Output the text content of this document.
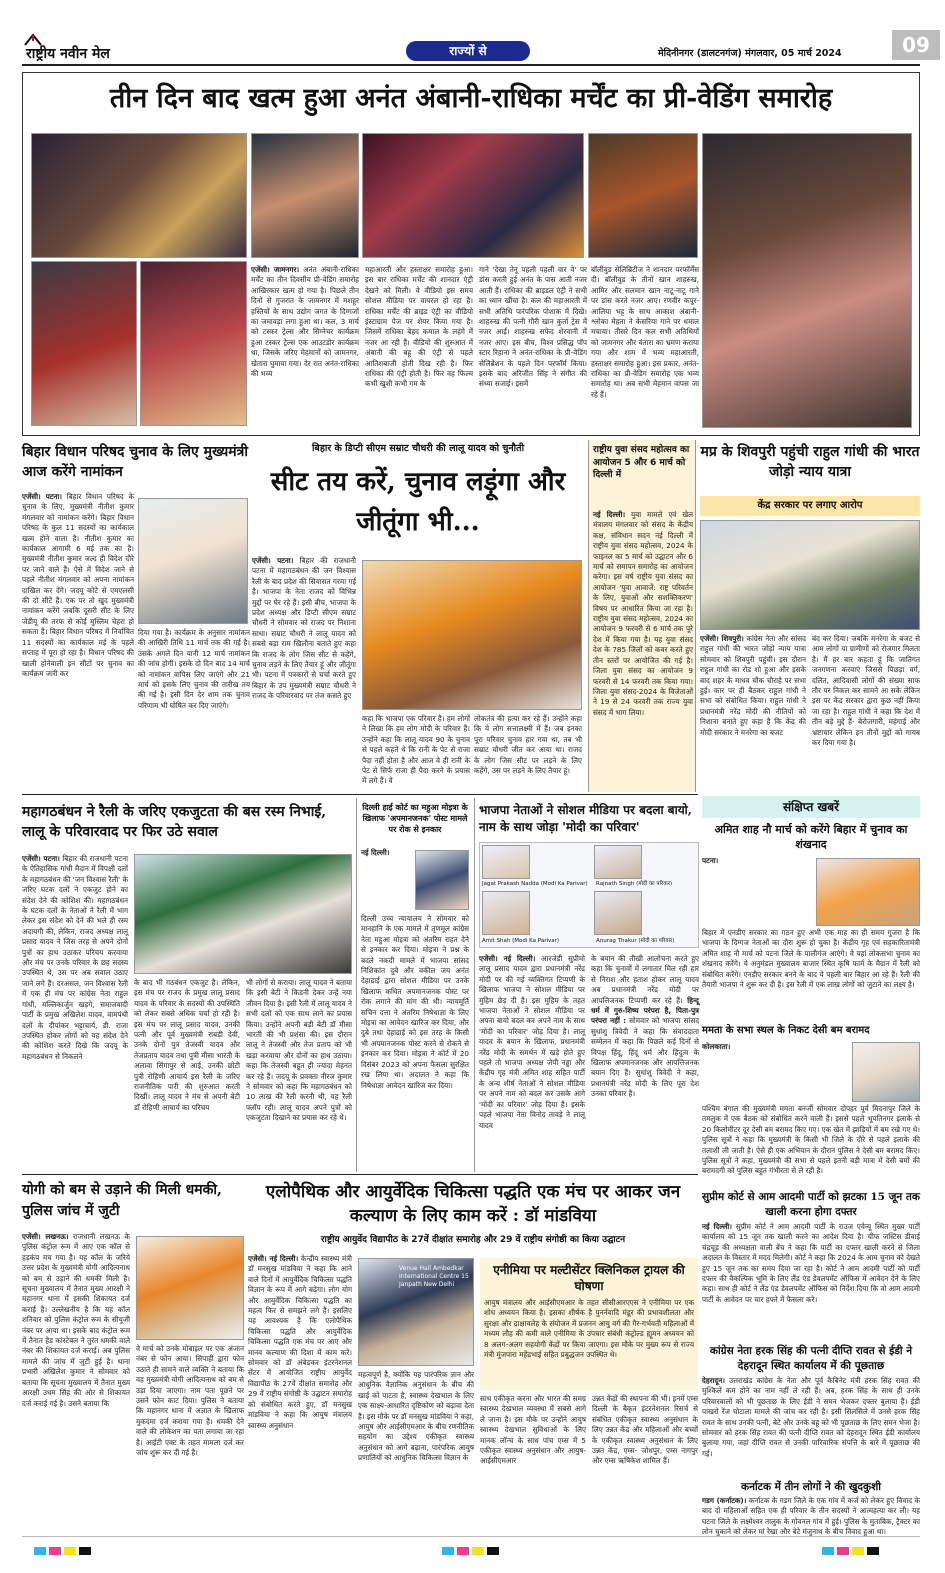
राष्ट्रीय नवीन मेल	राज्यों से	मेदिनीनगर (डालटनगंज) मंगलवार, 05 मार्च 2024	09
तीन दिन बाद खत्म हुआ अनंत अंबानी-राधिका मर्चेंट का प्री-वेडिंग समारोह
एजेंसी। जामनगर। अनंत अंबानी-राधिका मर्चेंट का तीन दिवसीय प्री-वेडिंग समारोह आखिरकार खत्म हो गया है। पिछले तीन दिनों से गुजरात के जामनगर में मशहूर हस्तियों के साथ उद्योग जगत के दिग्गजों का जमावड़ा लगा हुआ था। कल, 3 मार्च को टस्कर ट्रेल्स और सिग्नेचर कार्यक्रम हुआ टस्कर ट्रेल्स एक आउटडोर कार्यक्रम था, जिसके जरिए मेहमानों को जामनगर, खेतारा घुमाया गया। देर रात अनंत-राधिका की भव्य
महाआरती और हस्ताक्षर समारोह हुआ। इस बार राधिका मर्चेंट की शानदार एंट्री देखने को मिली। वे वीडियो इस समय सोशल मीडिया पर वायरल हो रहा है। राधिका मर्चेंट की ब्राइड एंट्री का वीडियो इंस्टाग्राम पेज पर शेयर किया गया है। जिसमें राधिका बेहद कमाल के लहंगे में नजर आ रही हैं। वीडियो की शुरुआत में अंबानी की बहू की एंट्री से पहले आतिशबाजी होती दिख रही है। फिर राधिका की एंट्री होती है। फिर वह फिल्म कभी खुशी कभी गम के
गाने 'देखा तेनू पहली पहली वार वे' पर डांस करती हुई अनंत के पास आती नजर आती हैं। राधिका की ब्राइडल एंट्री ने सभी का ध्यान खींचा है। कल की महाआरती में सभी अतिथि पारंपरिक पोशाक में दिखे। शाहरुख की पत्नी गौरी खान कुर्ता ट्रेस में नजर आईं। शाहरुख सफेद शेरवानी में नजर आए। इस बीच, विश्व प्रसिद्ध पॉप स्टार रिहाना ने अनंत-राधिका के प्री-वेडिंग सेलिब्रेशन के पहले दिन परफॉर्म किया। इसके बाद अरिजीत सिंह ने संगीत की संध्या सजाई। इसमें
बॉलीवुड सेलिब्रिटीज ने शानदार परफॉर्मेंस दी। बॉलीवुड के तीनों खान शाहरुख, आमिर और सलमान खान नाटू-नाटू गाने पर डांस करते नजर आए। रणवीर कपूर-आलिया भट्ट के साथ आकाश अंबानी-श्लोका मेहता ने केसरिया गाने पर धमाल मचाया। तीसरे दिन कल सभी अतिथियों को जामनगर और वंतारा का भ्रमण कराया गया और शाम में भव्य महाआरती, हस्ताक्षर समारोह हुआ। इस प्रकार, अनंत-राधिका का प्री-वेडिंग समारोह एक भव्य समारोह था। अब सभी मेहमान वापस जा रहे हैं।
बिहार विधान परिषद चुनाव के लिए मुख्यमंत्री आज करेंगे नामांकन
एजेंसी। पटना। बिहार विधान परिषद के चुनाव के लिए, मुख्यमंत्री नीतीश कुमार मंगलवार को नामांकन करेंगे। बिहार विधान परिषद के कुल 11 सदस्यों का कार्यकाल खत्म होने वाला है। नीतीश कुमार का कार्यकाल आगामी 6 मई तक का है। मुख्यमंत्री नीतीश कुमार जल्द ही विदेश दौरे पर जाने वाले हैं। ऐसे में विदेश जाने से पहले नीतीश मंगलवार को अपना नामांकन दाखिल कर देंगे। जदयू कोटे से एमएलसी की दो सीटें हैं। एक पर तो खुद मुख्यमंत्री नामांकन करेंगे जबकि दूसरी सीट के लिए जेडीयू की तरफ से कोई मुस्लिम चेहरा हो सकता है। बिहार विधान परिषद में निर्वाचित 11 सदस्यों का कार्यकाल मई के पहले सप्ताह में पूरा हो रहा है। विधान परिषद की खाली होनेवाली इन सीटों पर चुनाव का कार्यक्रम जारी कर
दिया गया है। कार्यक्रम के अनुसार नामांकन की आखिरी तिथि 11 मार्च तक की गई है। उसके अगले दिन यानी 12 मार्च नामांकन की जांच होगी। इसके दो दिन बाद 14 मार्च को नामांकन वापिस लिए जाएंगे और 21 मार्च को इसके लिए चुनाव की तारीख तय की गई है। इसी दिन देर शाम तक चुनाव परिणाम भी घोषित कर दिए जाएंगे।
बिहार के डिप्टी सीएम सम्राट चौधरी की लालू यादव को चुनौती
सीट तय करें, चुनाव लड़ूंगा और जीतूंगा भी...
एजेंसी। पटना। बिहार की राजधानी पटना में महागठबंधन की जन विश्वास रैली के बाद प्रदेश की सियासत गरमा गई है। भाजपा के नेता राजद को विभिन्न मुद्दों पर घेर रहे हैं। इसी बीच, भाजपा के प्रदेश अध्यक्ष और डिप्टी सीएम सम्राट चौधरी ने सोमवार को राजद पर निशाना साधा। सम्राट चौधरी ने लालू यादव को सबसे बड़ा राम खिलौना बताते हुए कहा कि राजद के लोग जिस सीट से कहेंगे, चुनाव लड़ने के लिए तैयार हूं और जीतूंगा भी। पटना में पत्रकारों से चर्चा करते हुए बिहार के उप मुख्यमंत्री सम्राट चौधरी ने राजद के परिवारवाद पर तंज कसते हुए
कहा कि भाजपा एक परिवार है। हम लोगों ने लिखा कि हम लोग मोदी के परिवार हैं। उन्होंने कहा कि लालू यादव 90 के चुनाव से पहले कहते थे कि रानी के पेट से राजा पैदा नहीं होता है और आज वे ही रानी के पेट से सिर्फ राजा ही पैदा करने के प्रयास में लगे हैं। वे
लोकतंत्र की हत्या कर रहे हैं। उन्होंने कहा कि ये लोग सत्तालक्ष्मी में हैं। जब इनका पूरा परिवार चुनाव हार गया था, तब भी सम्राट चौधरी जीत कर आया था। राजद के लोग जिस सीट पर लड़ने के लिए कहेंगे, उस पर लड़ने के लिए तैयार हूं।
राष्ट्रीय युवा संसद महोत्सव का आयोजन 5 और 6 मार्च को दिल्ली में
नई दिल्ली। युवा मामले एवं खेल मंत्रालय मंगलवार को संसद के केंद्रीय कक्ष, संविधान सदन नई दिल्ली में राष्ट्रीय युवा संसद महोत्सव, 2024 के फाइनल का 5 मार्च को उद्घाटन और 6 मार्च को समापन समारोह का आयोजन करेगा। इस वर्ष राष्ट्रीय युवा संसद का आयोजन 'युवा आवाजें: राष्ट्र परिवर्तन के लिए, युवाओं और सशक्तिकरण' विषय पर आधारित किया जा रहा है। राष्ट्रीय युवा संसद महोत्सव, 2024 का आयोजन 9 फरवरी से 6 मार्च तक पूरे देश में किया गया है। यह युवा संसद देश के 785 जिलों को कवर करते हुए तीन स्तरों पर आयोजित की गई है। जिला युवा संसद का आयोजन 9 फरवरी से 14 फरवरी तक किया गया। जिला युवा संसद-2024 के विजेताओं ने 19 से 24 फरवरी तक राज्य युवा संसद में भाग लिया।
मप्र के शिवपुरी पहुंची राहुल गांधी की भारत जोड़ो न्याय यात्रा
केंद्र सरकार पर लगाए आरोप
एजेंसी। शिवपुरी। कांग्रेस नेता और सांसद राहुल गांधी की भारत जोड़ो न्याय यात्रा सोमवार को शिवपुरी पहुंची। इस दौरान राहुल गांधी का रोड शो हुआ और इसके बाद शहर के माधव चौक चौराहे पर सभा हुई। कार पर ही बैठकर राहुल गांधी ने सभा को संबोधित किया। राहुल गांधी ने प्रधानमंत्री नरेंद्र मोदी की नीतियों को निशाना बनाते हुए कहा है कि केंद्र की मोदी सरकार ने मनरेगा का बजट
बंद कर दिया। जबकि मनरेगा के बजट से आम लोगों या ग्रामीणों को रोजगार मिलता है। मैं हर बार कहता हूं कि जातिगत जनगणना करवाएं जिससे पिछड़ा वर्ग, दलित, आदिवासी लोगों की संख्या साफ तौर पर निकल कर सामने आ सके लेकिन इस पर केंद्र सरकार द्वारा कुछ नहीं किया जा रहा है। राहुल गांधी ने कहा कि देश में तीन बड़े मुद्दे हैं- बेरोजगारी, महंगाई और भ्रष्टाचार लेकिन इन तीनों मुद्दों को गायब कर दिया गया है।
महागठबंधन ने रैली के जरिए एकजुटता की बस रस्म निभाई, लालू के परिवारवाद पर फिर उठे सवाल
एजेंसी। पटना। बिहार की राजधानी पटना के ऐतिहासिक गांधी मैदान में विपक्षी दलों के महागठबंधन की 'जन विश्वास रैली' के जरिए घटक दलों ने एकजुट होने का संदेश देने की कोशिश की। महागठबंधन के घटक दलों के नेताओं ने रैली में भाग लेकर इस संदेश को देने की भले ही रस्म अदायगी की, लेकिन, राजद अध्यक्ष लालू प्रसाद यादव ने जिस तरह से अपने दोनों पुत्रों का हाथ उठाकर परिचय करवाया और मंच पर उनके परिवार के छह सदस्य उपस्थित थे, उस पर अब सवाल उठाए जाने लगे हैं। दरअसल, जन विश्वास रैली में एक ही मंच पर कांग्रेस नेता राहुल गांधी, मल्लिकार्जुन खड़गे, समाजवादी पार्टी के प्रमुख अखिलेश यादव, वामपंथी दलों के दीपांकर भट्टाचार्य, डी. राजा उपस्थित होकर लोगों को यह संदेश देने की कोशिश करते दिखे कि जदयू के महागठबंधन से निकलने
के बाद भी गठबंधन एकजुट है। लेकिन, इस मंच पर राजद के प्रमुख लालू प्रसाद यादव के परिवार के सदस्यों की उपस्थिति को लेकर सबसे अधिक चर्चा हो रही है। इस मंच पर लालू प्रसाद यादव, उनकी पत्नी और पूर्व मुख्यमंत्री राबड़ी देवी, उनके दोनों पुत्र तेजस्वी यादव और तेजप्रताप यादव तथा पुत्री मीसा भारती के अलावा सिंगापुर से आई, उनकी छोटी पुत्री रोहिणी आचार्य इस रैली के जरिए राजनीतिक पारी की शुरुआत करती दिखीं। लालू यादव ने मंच से अपनी बेटी डॉ रोहिणी आचार्य का परिचय
भी लोगों से कराया। लालू यादव ने बताया कि इसी बेटी ने किडनी देकर उन्हें नया जीवन दिया है। इसी रैली में लालू यादव ने सभी दलों को एक साथ लाने का प्रयास किया। उन्होंने अपनी बड़ी बेटी डॉ मीसा भारती की भी प्रशंसा की। इस दौरान लालू ने तेजस्वी और तेज प्रताप को भी खड़ा करवाया और दोनों का हाथ उठाया। कहा कि तेजस्वी बहुत ही ज्यादा मेहनत कर रहे हैं। जदयू के प्रवक्ता नीरज कुमार ने सोमवार को कहा कि महागठबंधन को 10 लाख की रैली करनी थी, यह रैली फ्लॉप रही। लालू यादव अपने पुत्रों को एकजुटता दिखाने का प्रयास कर रहे थे।
दिल्ली हाई कोर्ट का महुआ मोइत्रा के खिलाफ 'अपमानजनक' पोस्ट मामले पर रोक से इनकार
नई दिल्ली।
दिल्ली उच्च न्यायालय ने सोमवार को मानहानि के एक मामले में तृणमूल कांग्रेस नेता महुआ मोइत्रा को अंतरिम राहत देने से इनकार कर दिया। मोइत्रा ने प्रश्न के बदले नकदी मामले में भाजपा सांसद निशिकांत दुबे और वकील जय अनंत देहाद्राई द्वारा सोशल मीडिया पर उनके खिलाफ कथित अपमानजनक पोस्ट पर रोक लगाने की मांग की थी। न्यायमूर्ति सचिन दत्ता ने अंतरिम निषेधाज्ञा के लिए मोइत्रा का आवेदन खारिज कर दिया, और दुबे तथा देहाद्राई को इस तरह के किसी भी अपमानजनक पोस्ट करने से रोकने से इनकार कर दिया। मोइत्रा ने कोर्ट में 20 दिसंबर 2023 को अपना फैसला सुरक्षित रख लिया था। अदालत ने कहा कि निषेधाज्ञा आवेदन खारिज कर दिया।
भाजपा नेताओं ने सोशल मीडिया पर बदला बायो, नाम के साथ जोड़ा 'मोदी का परिवार'
Jagat Prakash Nadda (Modi Ka Parivar)	Rajnath Singh (मोदी का परिवार)
Amit Shah (Modi Ka Parivar)	Anurag Thakur (मोदी का परिवार)
एजेंसी। नई दिल्ली। आरजेडी सुप्रीमो लालू प्रसाद यादव द्वारा प्रधानमंत्री नरेंद्र मोदी पर की गई व्यक्तिगत टिप्पणी के खिलाफ भाजपा ने सोशल मीडिया पर मुहिम छेड़ दी है। इस मुहिम के तहत भाजपा नेताओं ने सोशल मीडिया पर अपना बायो बदल कर अपने नाम के साथ 'मोदी का परिवार' जोड़ दिया है। लालू यादव के बयान के खिलाफ, प्रधानमंत्री नरेंद्र मोदी के समर्थन में खड़े होते हुए पहले तो भाजपा अध्यक्ष जेपी नड्डा और केंद्रीय गृह मंत्री अमित शाह सहित पार्टी के अन्य शीर्ष नेताओं ने सोशल मीडिया पर अपने नाम को बदल कर उसके आगे 'मोदी का परिवार' जोड़ दिया है। इसके पहले भाजपा नेता विनोद तावड़े ने लालू यादव
के बयान की तीखी आलोचना करते हुए कहा कि चुनावों में लगातार मिल रही हार से निराश और हताश होकर लालू यादव अब प्रधानमंत्री नरेंद्र मोदी पर आपत्तिजनक टिप्पणी कर रहे हैं। हिन्दू धर्म में गुरु-शिष्य परंपरा है, पिता-पुत्र परंपरा नहीं : सोमवार को भाजपा सांसद सुधांशु त्रिवेदी ने कहा कि संवाददाता सम्मेलन में कहा कि पिछले कई दिनों से विपक्ष हिंदू, हिंदू धर्म और हिंदुत्व के खिलाफ अपमानजनक और आपत्तिजनक बयान दिए हैं। सुधांशु त्रिवेदी ने कहा, प्रधानमंत्री नरेंद्र मोदी के लिए पूरा देश उनका परिवार है।
संक्षिप्त खबरें
अमित शाह नौ मार्च को करेंगे बिहार में चुनाव का शंखनाद
पटना।
बिहार में एनडीए सरकार का गठन हुए अभी एक माह का ही समय गुजरा है कि भाजपा के दिग्गज नेताओं का दौरा शुरू हो चुका है। केंद्रीय गृह एवं सहकारितामंत्री अमित शाह नौ मार्च को पटना जिले के पालीगंज आएंगे। वे यहां लोकसभा चुनाव का शंखनाद करेंगे। ये अनुमंडल मुख्यालय बाजार स्थित कृषि फार्म के मैदान में रैली को संबोधित करेंगे। एनडीए सरकार बनने के बाद ये पहली बार बिहार आ रहे हैं। रैली की तैयारी भाजपा ने शुरू कर दी है। इस रैली में एक लाख लोगों को जुटाने का लक्ष्य है।
ममता के सभा स्थल के निकट देसी बम बरामद
कोलकाता।
पश्चिम बंगाल की मुख्यमंत्री ममता बनर्जी सोमवार दोपहर पूर्व मिदनापुर जिले के तमलुक में एक बैठक को संबोधित करने वाली हैं। इससे पहले भूपतिनगर इलाके से 20 किलोमीटर दूर देसी बम बरामद किए गए। एक खेत में झाड़ियों में बम रखे गए थे। पुलिस सूत्रों ने कहा कि मुख्यमंत्री के किसी भी जिले के दौरे से पहले इलाके की तलाशी ली जाती है। ऐसे ही एक अभियान के दौरान पुलिस ने देसी बम बरामद किए। पुलिस सूत्रों ने कहा, मुख्यमंत्री की सभा से पहले इतनी बड़ी मात्रा में देसी बमों की बरामदगी को पुलिस बहुत गंभीरता से ले रही है।
सुप्रीम कोर्ट से आम आदमी पार्टी को झटका 15 जून तक खाली करना होगा दफ्तर
नई दिल्ली। सुप्रीम कोर्ट ने आम आदमी पार्टी के राउज एवेन्यू स्थित मुख्य पार्टी कार्यालय को 15 जून तक खाली करने का आदेश दिया है। चीफ जस्टिस डीवाई चंद्रचूड़ की अध्यक्षता वाली बेंच ने कहा कि पार्टी का दफ्तर खाली करने से जिला अदालत के विस्तार में मदद मिलेगी। कोर्ट ने कहा कि 2024 के आम चुनाव को देखते हुए 15 जून तक का समय दिया जा रहा है। कोर्ट ने आम आदमी पार्टी को पार्टी दफ्तर की वैकल्पिक भूमि के लिए लैंड एंड डेवलपमेंट ऑफिस में आवेदन देने के लिए कहा। साथ ही कोर्ट ने लैंड एंड डेवलपमेंट ऑफिस को निर्देश दिया कि वो आम आदमी पार्टी के आवेदन पर चार हफ्ते में फैसला करे।
कांग्रेस नेता हरक सिंह की पत्नी दीप्ति रावत से ईडी ने देहरादून स्थित कार्यालय में की पूछताछ
देहरादून। उत्तराखंड कांग्रेस के नेता और पूर्व कैबिनेट मंत्री हरक सिंह रावत की मुश्किलें कम होने का नाम नहीं ले रही हैं। अब, हरक सिंह के साथ ही उनके परिवारवालों को भी पूछताछ के लिए ईडी ने समन भेजकर दफ्तर बुलाया है। ईडी पाखरो रेंज घोटाला मामले की जांच कर रही है। इसी सिलसिले में उनसे हरक सिंह रावत के साथ उनकी पत्नी, बेटे और उनके बहू को भी पूछताछ के लिए समन भेजा है। सोमवार को हरक सिंह रावत की पत्नी दीप्ति रावत को देहरादून स्थित ईडी कार्यालय बुलाया गया, जहां दीप्ति रावत से उनकी पारिवारिक संपत्ति के बारे में पूछताछ की गई।
कर्नाटक में तीन लोगों ने की खुदकुशी
गडग (कर्नाटक)। कर्नाटक के गडग जिले के एक गांव में कर्ज को लेकर हुए विवाद के बाद दो महिलाओं सहित एक ही परिवार के तीन सदस्यों ने आत्महत्या कर ली। यह घटना जिले के लक्ष्मेश्वर तालुक के गोवनल गांव में हुई। पुलिस के मुताबिक, ट्रैक्टर का लोन चुकाने को लेकर मां रेखा और बेटे मंजुनाथ के बीच विवाद हुआ था।
योगी को बम से उड़ाने की मिली धमकी, पुलिस जांच में जुटी
एजेंसी। लखनऊ। राजधानी लखनऊ के पुलिस कंट्रोल रूम में आए एक कॉल से हड़कंप मच गया है। यह कॉल के जरिये उत्तर प्रदेश के मुख्यमंत्री योगी आदित्यनाथ को बम से उड़ाने की धमकी मिली है। सूचना मुख्यालय में तैनात मुख्य आरक्षी ने महानगर थाना में इसकी शिकायत दर्ज कराई है। उल्लेखनीय है कि यह कॉल शनिवार को पुलिस कंट्रोल रूम के सीयूजी नंबर पर आया था। इसके बाद कंट्रोल रूम में तैनात हेड कांस्टेबल ने तुरंत धमकी वाले नंबर की शिकायत दर्ज कराई। अब पुलिस मामले की जांच में जुटी हुई है। थाना प्रभारी अखिलेश कुमार ने सोमवार को बताया कि सूचना मुख्यालय में तैनात मुख्य आरक्षी उधम सिंह की ओर से शिकायत दर्ज कराई गई है। उसने बताया कि
वे मार्च को उनके मोबाइल पर एक अंजान नंबर से फोन आया। सिपाही द्वारा फोन उठाते ही सामने वाले व्यक्ति ने बताया कि वह मुख्यमंत्री योगी आदित्यनाथ को बम से उड़ा दिया जाएगा। नाम पता पूछने पर उसने फोन काट दिया। पुलिस ने बताया कि महानगर थाना में अज्ञात के खिलाफ मुकदमा दर्ज कराया गया है। धमकी देने वाले की लोकेशन का पता लगाया जा रहा है। आईटी एक्ट के तहत मामला दर्ज कर जांच शुरू कर दी गई है।
एलोपैथिक और आयुर्वेदिक चिकित्सा पद्धति एक मंच पर आकर जन कल्याण के लिए काम करें : डॉ मांडविया
राष्ट्रीय आयुर्वेद विद्यापीठ के 27वें दीक्षांत समारोह और 29 वें राष्ट्रीय संगोष्ठी का किया उद्घाटन
एजेंसी। नई दिल्ली। केन्द्रीय स्वास्थ्य मंत्री डॉ मनसुख मांडविया ने कहा कि आने वाले दिनों में आयुर्वेदिक चिकित्सा पद्धति विज्ञान के रूप में आगे बढ़ेगा। लोग योग और आयुर्वेदिक चिकित्सा पद्धति का महत्व फिर से समझने लगे हैं। इसलिए यह आवश्यक है कि एलोपैथिक चिकित्सा पद्धति और आयुर्वेदिक चिकित्सा पद्धति एक मंच पर आए और मानव कल्याण की दिशा में काम करें। सोमवार को डॉ अंबेडकर इंटरनेशनल सेंटर में आयोजित राष्ट्रीय आयुर्वेद विद्यापीठ के 27वें दीक्षांत समारोह और 29 वें राष्ट्रीय संगोष्ठी के उद्घाटन समारोह को संबोधित करते हुए, डॉ मनसुख मांडविया ने कहा कि आयुष मंत्रालय स्वास्थ्य अनुसंधान
Venue Hall Ambedkar International Centre 15 Janpath New Delhi
महत्वपूर्ण है, क्योंकि यह पारंपरिक ज्ञान और आधुनिक वैज्ञानिक अनुसंधान के बीच की खाई को पाटता है, स्वास्थ्य देखभाल के लिए एक साक्ष्य-आधारित दृष्टिकोण को बढ़ावा देता है। इस मौके पर डॉ मनसुख मांडविया ने कहा, आयुष और आईसीएमआर के बीच रणनीतिक सहयोग का उद्देश्य एकीकृत स्वास्थ्य अनुसंधान को आगे बढ़ाना, पारंपरिक आयुष प्रणालियों को आधुनिक चिकित्सा विज्ञान के
एनीमिया पर मल्टीसेंटर क्लिनिकल ट्रायल की घोषणा
आयुष मंत्रालय और आईसीएमआर के तहत सीसीआरएएस ने एनीमिया पर एक शोध अध्ययन किया है। इसका शीर्षक है पुनर्नवादि मंडूर की प्रभावशीलता और सुरक्षा और द्राक्षावलेह के संयोजन में प्रजनन आयु वर्ग की गैर-गर्भवती महिलाओं में मध्यम लौह की कमी वाले एनीमिया के उपचार संबंधी कंट्रोल्ड ह्यूमन अध्ययन को 8 अलग-अलग सहयोगी केंद्रों पर किया जाएगा। इस मौके पर मुख्य रूप से राज्य मंत्री मुंजपारा महेंद्रभाई सहित प्रबुद्धजन उपस्थित थे।
साथ एकीकृत करना और भारत की समग्र स्वास्थ्य देखभाल व्यवस्था में सबसे आगे ले जाना है। इस मौके पर उन्होंने आयुष स्वास्थ्य देखभाल सुविधाओं के लिए मानक लॉन्च के साथ पांच एम्स में 5 एकीकृत स्वास्थ्य अनुसंधान और आयुष-आईसीएमआर
उन्नत केंद्रों की स्थापना की भी। इनमें एम्स दिल्ली के बैकृत इंटरनेशनल रिसर्च से संबंधित एकीकृत स्वास्थ्य अनुसंधान के लिए उन्नत केंद्र और महिलाओं और बच्चों के एकीकृत स्वास्थ्य अनुसंधान के लिए उन्नत केंद्र, एम्स- जोधपुर, एम्स नागपुर और एम्स ऋषिकेश शामिल हैं।
